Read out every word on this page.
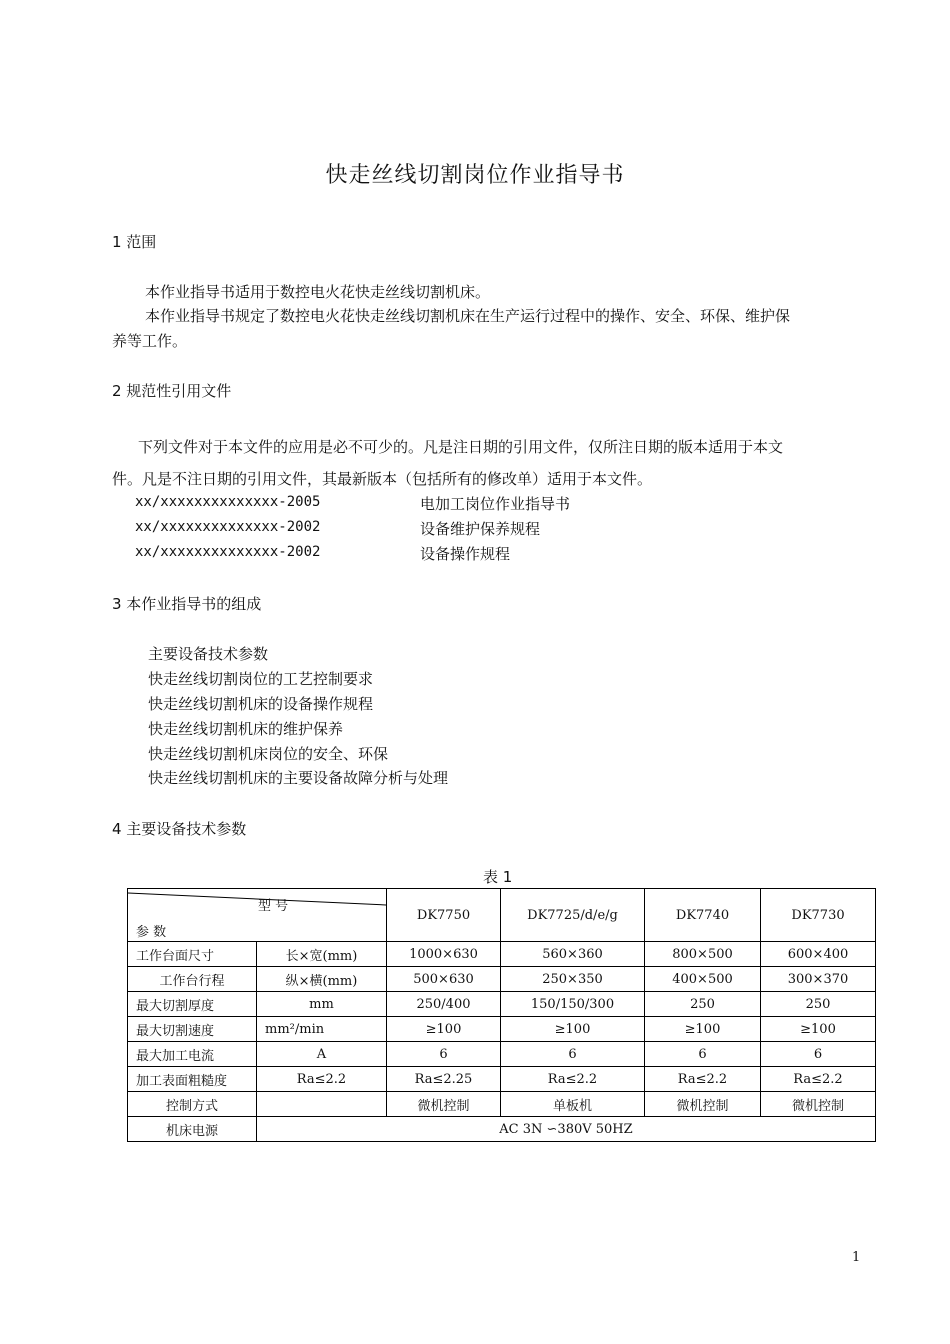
快走丝线切割岗位作业指导书
1 范围
本作业指导书适用于数控电火花快走丝线切割机床。
本作业指导书规定了数控电火花快走丝线切割机床在生产运行过程中的操作、安全、环保、维护保
养等工作。
2 规范性引用文件
下列文件对于本文件的应用是必不可少的。凡是注日期的引用文件，仅所注日期的版本适用于本文
件。凡是不注日期的引用文件，其最新版本（包括所有的修改单）适用于本文件。
xx/xxxxxxxxxxxxxx-2005	电加工岗位作业指导书
xx/xxxxxxxxxxxxxx-2002	设备维护保养规程
xx/xxxxxxxxxxxxxx-2002	设备操作规程
3 本作业指导书的组成
主要设备技术参数
快走丝线切割岗位的工艺控制要求
快走丝线切割机床的设备操作规程
快走丝线切割机床的维护保养
快走丝线切割机床岗位的安全、环保
快走丝线切割机床的主要设备故障分析与处理
4 主要设备技术参数
表 1
型 号
参 数		DK7750	DK7725/d/e/g	DK7740	DK7730
工作台面尺寸	长×宽(mm)	1000×630	560×360	800×500	600×400
工作台行程	纵×横(mm)	500×630	250×350	400×500	300×370
最大切割厚度	mm	250/400	150/150/300	250	250
最大切割速度	mm²/min	≥100	≥100	≥100	≥100
最大加工电流	A	6	6	6	6
加工表面粗糙度	Ra≤2.2	Ra≤2.25	Ra≤2.2	Ra≤2.2	Ra≤2.2
控制方式		微机控制	单板机	微机控制	微机控制
机床电源	AC 3N ∽380V 50HZ				
1
